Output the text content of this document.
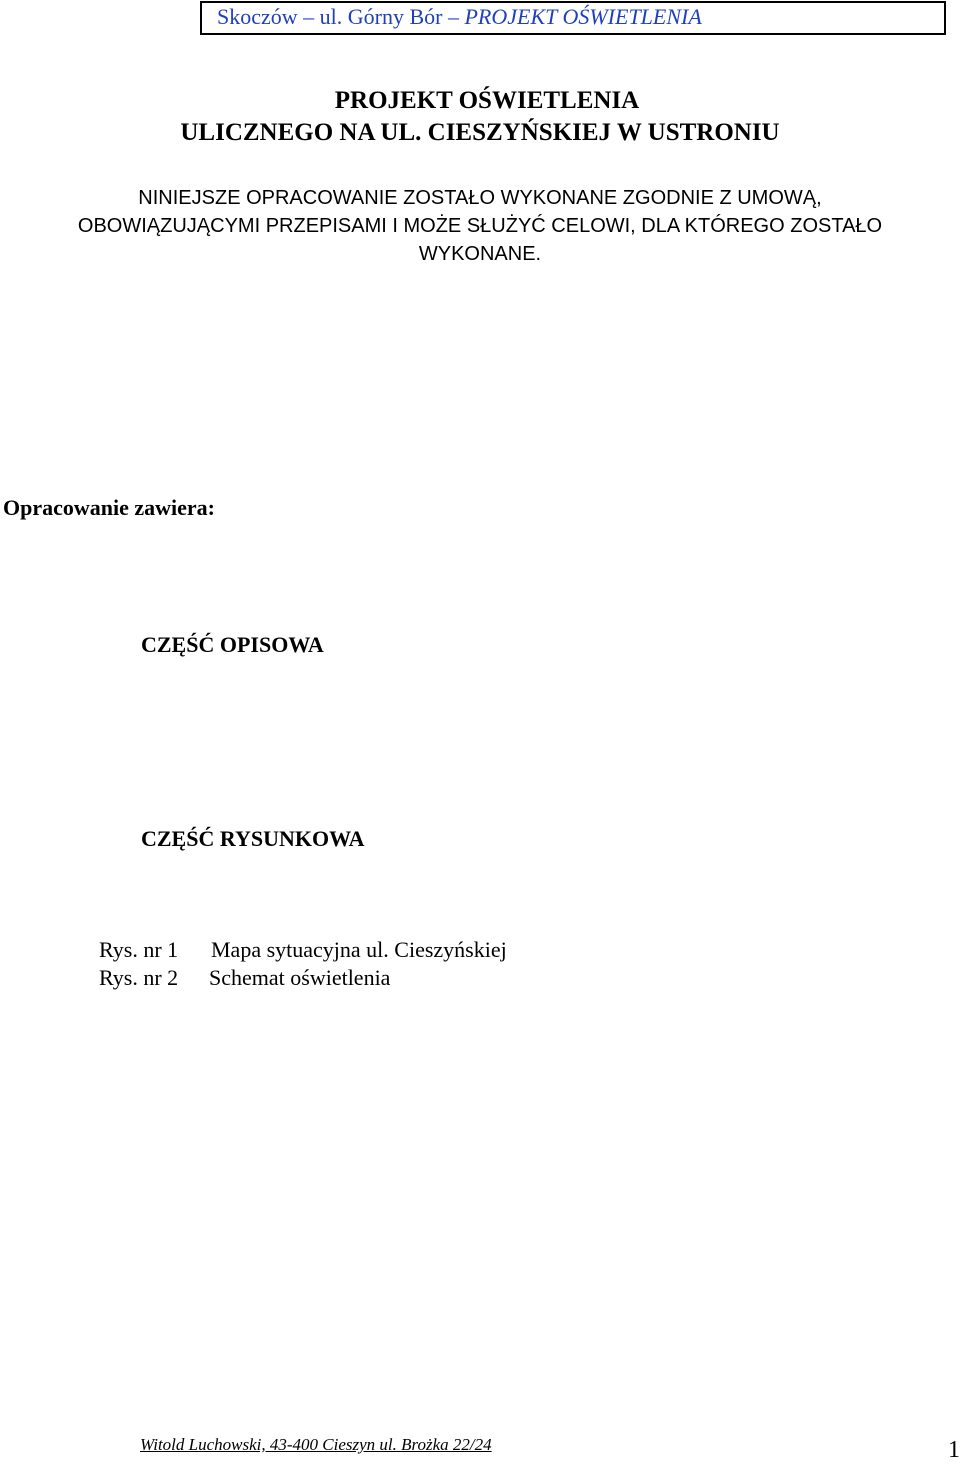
Skoczów – ul. Górny Bór – PROJEKT OŚWIETLENIA
PROJEKT OŚWIETLENIA
ULICZNEGO NA UL. CIESZYŃSKIEJ W USTRONIU
NINIEJSZE OPRACOWANIE ZOSTAŁO WYKONANE ZGODNIE Z UMOWĄ,
OBOWIĄZUJĄCYMI PRZEPISAMI I MOŻE SŁUŻYĆ CELOWI, DLA KTÓREGO ZOSTAŁO
WYKONANE.
Opracowanie zawiera:
CZĘŚĆ OPISOWA
CZĘŚĆ RYSUNKOWA
Rys. nr 1 Mapa sytuacyjna ul. Cieszyńskiej
Rys. nr 2 Schemat oświetlenia
Witold Luchowski, 43-400 Cieszyn ul. Brożka 22/24	1
